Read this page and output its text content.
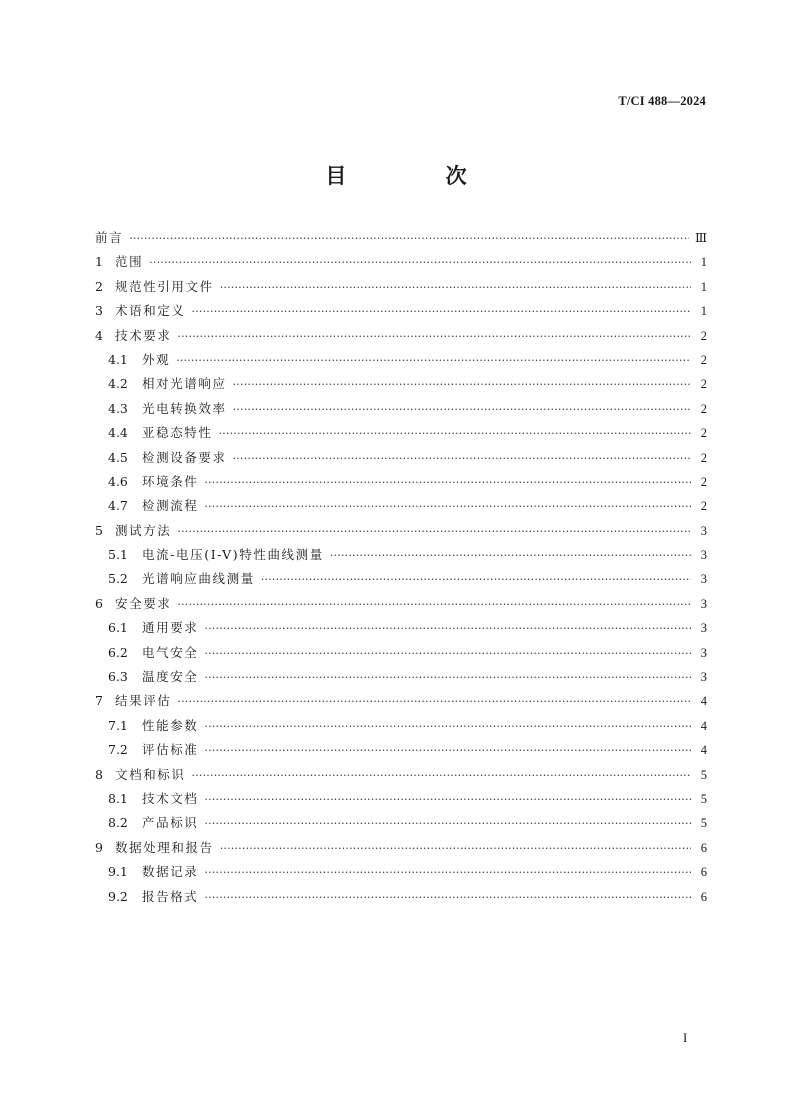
T/CI 488—2024
目 次
前言 ·····	Ⅲ
1 范围 ·····	1
2 规范性引用文件 ·····	1
3 术语和定义 ·····	1
4 技术要求 ·····	2
4.1	外观 ·····	2
4.2	相对光谱响应 ·····	2
4.3	光电转换效率 ·····	2
4.4	亚稳态特性 ·····	2
4.5	检测设备要求 ·····	2
4.6	环境条件 ·····	2
4.7	检测流程 ·····	2
5 测试方法 ·····	3
5.1	电流-电压(I-V)特性曲线测量 ·····	3
5.2	光谱响应曲线测量 ·····	3
6 安全要求 ·····	3
6.1	通用要求 ·····	3
6.2	电气安全 ·····	3
6.3	温度安全 ·····	3
7 结果评估 ·····	4
7.1	性能参数 ·····	4
7.2	评估标准 ·····	4
8 文档和标识 ·····	5
8.1	技术文档 ·····	5
8.2	产品标识 ·····	5
9 数据处理和报告 ·····	6
9.1	数据记录 ·····	6
9.2	报告格式 ·····	6
I
